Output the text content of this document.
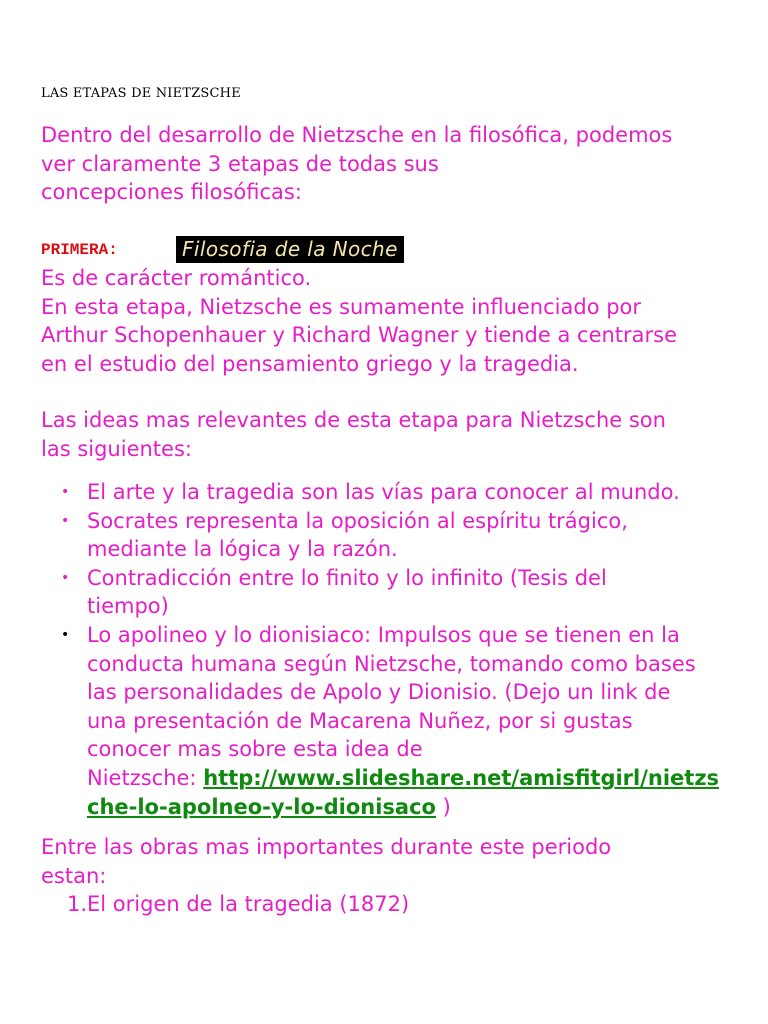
LAS ETAPAS DE NIETZSCHE
Dentro del desarrollo de Nietzsche en la filosófica, podemos
ver claramente 3 etapas de todas sus
concepciones filosóficas:
PRIMERA:	Filosofia de la Noche
Es de carácter romántico.
En esta etapa, Nietzsche es sumamente influenciado por
Arthur Schopenhauer y Richard Wagner y tiende a centrarse
en el estudio del pensamiento griego y la tragedia.
Las ideas mas relevantes de esta etapa para Nietzsche son
las siguientes:
• El arte y la tragedia son las vías para conocer al mundo.
• Socrates representa la oposición al espíritu trágico,
mediante la lógica y la razón.
• Contradicción entre lo finito y lo infinito (Tesis del
tiempo)
• Lo apolineo y lo dionisiaco: Impulsos que se tienen en la
conducta humana según Nietzsche, tomando como bases
las personalidades de Apolo y Dionisio. (Dejo un link de
una presentación de Macarena Nuñez, por si gustas
conocer mas sobre esta idea de
Nietzsche: http://www.slideshare.net/amisfitgirl/nietzs
che-lo-apolneo-y-lo-dionisaco )
Entre las obras mas importantes durante este periodo
estan:
1.El origen de la tragedia (1872)
